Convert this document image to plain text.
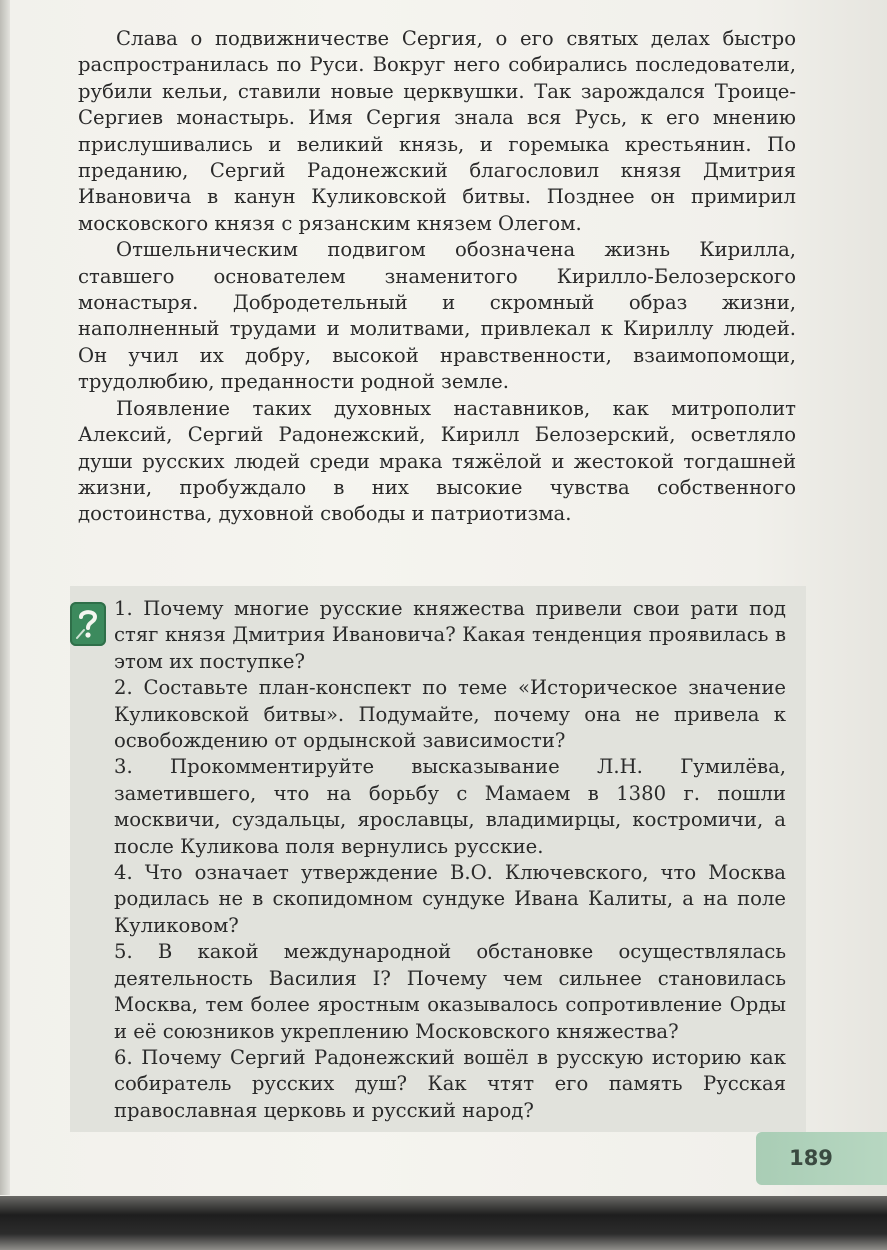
Слава о подвижничестве Сергия, о его святых делах быстро распространилась по Руси. Вокруг него собирались последователи, рубили кельи, ставили новые церквушки. Так зарождался Троице-Сергиев монастырь. Имя Сергия знала вся Русь, к его мнению прислушивались и великий князь, и горемыка крестьянин. По преданию, Сергий Радонежский благословил князя Дмитрия Ивановича в канун Куликовской битвы. Позднее он примирил московского князя с рязанским князем Олегом.

Отшельническим подвигом обозначена жизнь Кирилла, ставшего основателем знаменитого Кирилло-Белозерского монастыря. Добродетельный и скромный образ жизни, наполненный трудами и молитвами, привлекал к Кириллу людей. Он учил их добру, высокой нравственности, взаимопомощи, трудолюбию, преданности родной земле.

Появление таких духовных наставников, как митрополит Алексий, Сергий Радонежский, Кирилл Белозерский, осветляло души русских людей среди мрака тяжёлой и жестокой тогдашней жизни, пробуждало в них высокие чувства собственного достоинства, духовной свободы и патриотизма.

1. Почему многие русские княжества привели свои рати под стяг князя Дмитрия Ивановича? Какая тенденция проявилась в этом их поступке?
2. Составьте план-конспект по теме «Историческое значение Куликовской битвы». Подумайте, почему она не привела к освобождению от ордынской зависимости?
3. Прокомментируйте высказывание Л.Н. Гумилёва, заметившего, что на борьбу с Мамаем в 1380 г. пошли москвичи, суздальцы, ярославцы, владимирцы, костромичи, а после Куликова поля вернулись русские.
4. Что означает утверждение В.О. Ключевского, что Москва родилась не в скопидомном сундуке Ивана Калиты, а на поле Куликовом?
5. В какой международной обстановке осуществлялась деятельность Василия I? Почему чем сильнее становилась Москва, тем более яростным оказывалось сопротивление Орды и её союзников укреплению Московского княжества?
6. Почему Сергий Радонежский вошёл в русскую историю как собиратель русских душ? Как чтят его память Русская православная церковь и русский народ?
189
